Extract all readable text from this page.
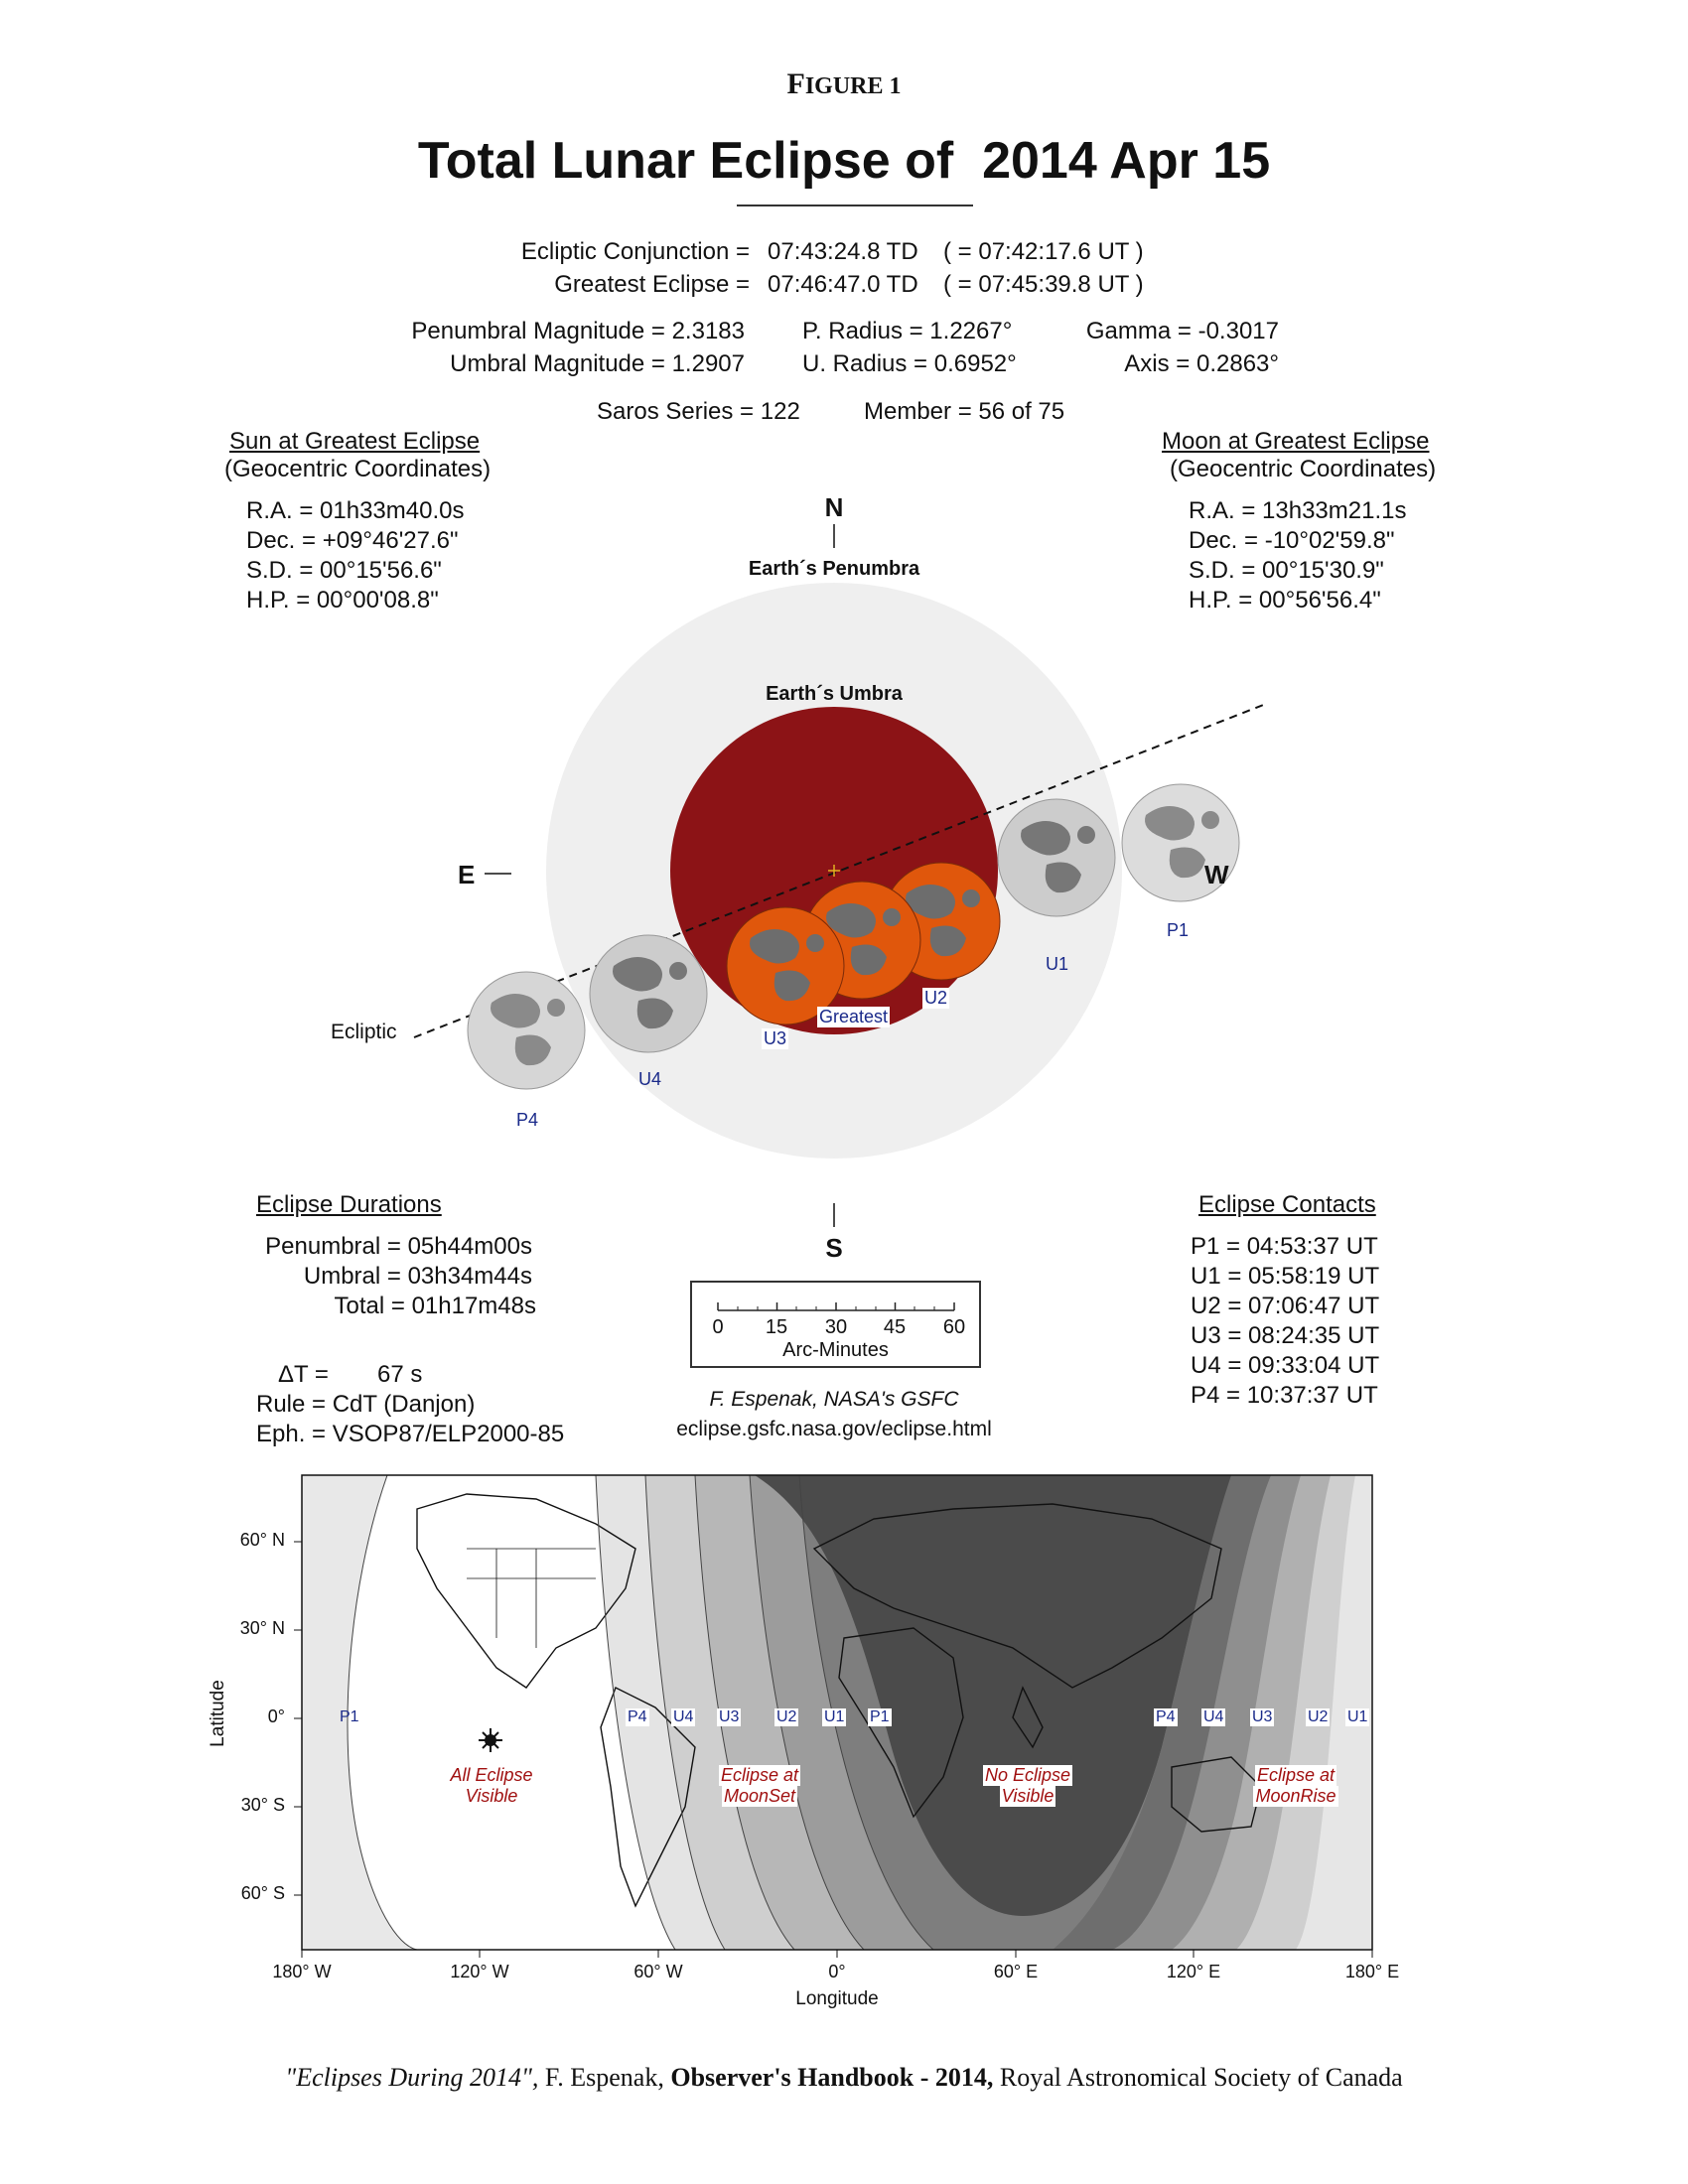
FIGURE 1
Total Lunar Eclipse of  2014 Apr 15
Ecliptic Conjunction = 07:43:24.8 TD ( = 07:42:17.6 UT )
Greatest Eclipse = 07:46:47.0 TD ( = 07:45:39.8 UT )
Penumbral Magnitude = 2.3183
Umbral Magnitude = 1.2907
P. Radius = 1.2267°
U. Radius = 0.6952°
Gamma = -0.3017
Axis = 0.2863°
Saros Series = 122	Member = 56 of 75
Sun at Greatest Eclipse
(Geocentric Coordinates)
R.A. = 01h33m40.0s
Dec. = +09°46'27.6"
S.D. = 00°15'56.6"
H.P. = 00°00'08.8"
Moon at Greatest Eclipse
(Geocentric Coordinates)
R.A. = 13h33m21.1s
Dec. = -10°02'59.8"
S.D. = 00°15'30.9"
H.P. = 00°56'56.4"
N
Earth´s Penumbra
Earth´s Umbra
E	W
S
Ecliptic
P1
U1
U2
Greatest
U3
U4
P4
Eclipse Durations
Penumbral = 05h44m00s
Umbral = 03h34m44s
Total = 01h17m48s
ΔT = 67 s
Rule = CdT (Danjon)
Eph. = VSOP87/ELP2000-85
0	15 30 45 60
Arc-Minutes
F. Espenak, NASA's GSFC
eclipse.gsfc.nasa.gov/eclipse.html
Eclipse Contacts
P1 = 04:53:37 UT
U1 = 05:58:19 UT
U2 = 07:06:47 UT
U3 = 08:24:35 UT
U4 = 09:33:04 UT
P4 = 10:37:37 UT
60° N
30° N
0°
30° S
60° S
180° W	120° W	60° W	0°	60° E	120° E	180° E
Longitude
Latitude	P1	P4 U4 U3 U2 U1 P1	P4 U4 U3 U2 U1
All Eclipse
Visible
Eclipse at
MoonSet
No Eclipse
Visible
Eclipse at
MoonRise
"Eclipses During 2014", F. Espenak, Observer's Handbook - 2014, Royal Astronomical Society of Canada
